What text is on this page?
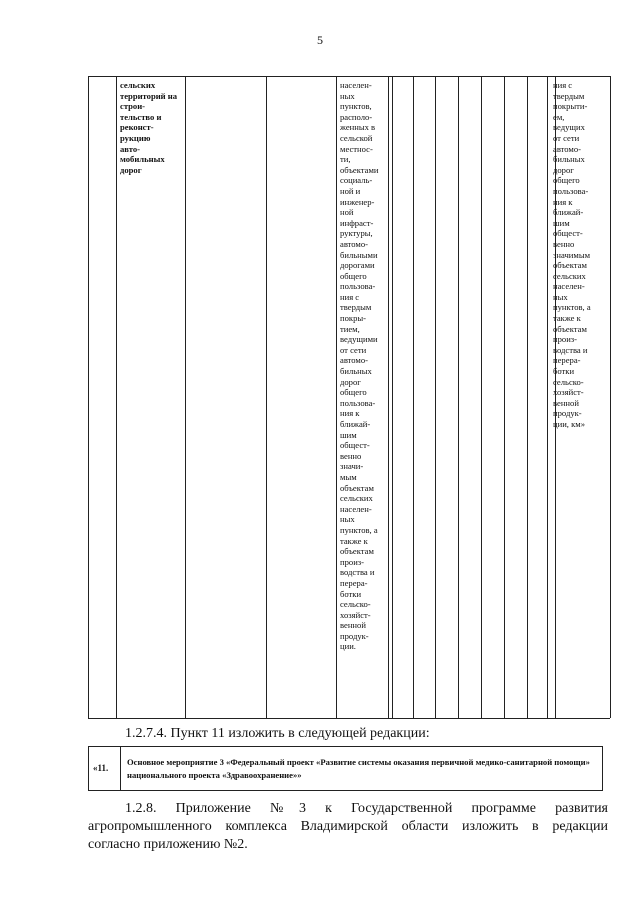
5
сельских
территорий на
строи-
тельство и
реконст-
рукцию
авто-
мобильных
дорог
населен-
ных
пунктов,
располо-
женных в
сельской
местнос-
ти,
объектами
социаль-
ной и
инженер-
ной
инфраст-
руктуры,
автомо-
бильными
дорогами
общего
пользова-
ния с
твердым
покры-
тием,
ведущими
от сети
автомо-
бильных
дорог
общего
пользова-
ния к
ближай-
шим
общест-
венно
значи-
мым
объектам
сельских
населен-
ных
пунктов, а
также к
объектам
произ-
водства и
перера-
ботки
сельско-
хозяйст-
венной
продук-
ции.
ния с
твердым
покрыти-
ем,
ведущих
от сети
автомо-
бильных
дорог
общего
пользова-
ния к
ближай-
шим
общест-
венно
значимым
объектам
сельских
населен-
ных
пунктов, а
также к
объектам
произ-
водства и
перера-
ботки
сельско-
хозяйст-
венной
продук-
ции, км»
1.2.7.4. Пункт 11 изложить в следующей редакции:
«11.
Основное мероприятие 3 «Федеральный проект «Развитие системы оказания первичной медико-санитарной помощи» национального проекта «Здравоохранение»»
1.2.8. Приложение №3 к Государственной программе развития
агропромышленного комплекса Владимирской области изложить в редакции
согласно приложению №2.
